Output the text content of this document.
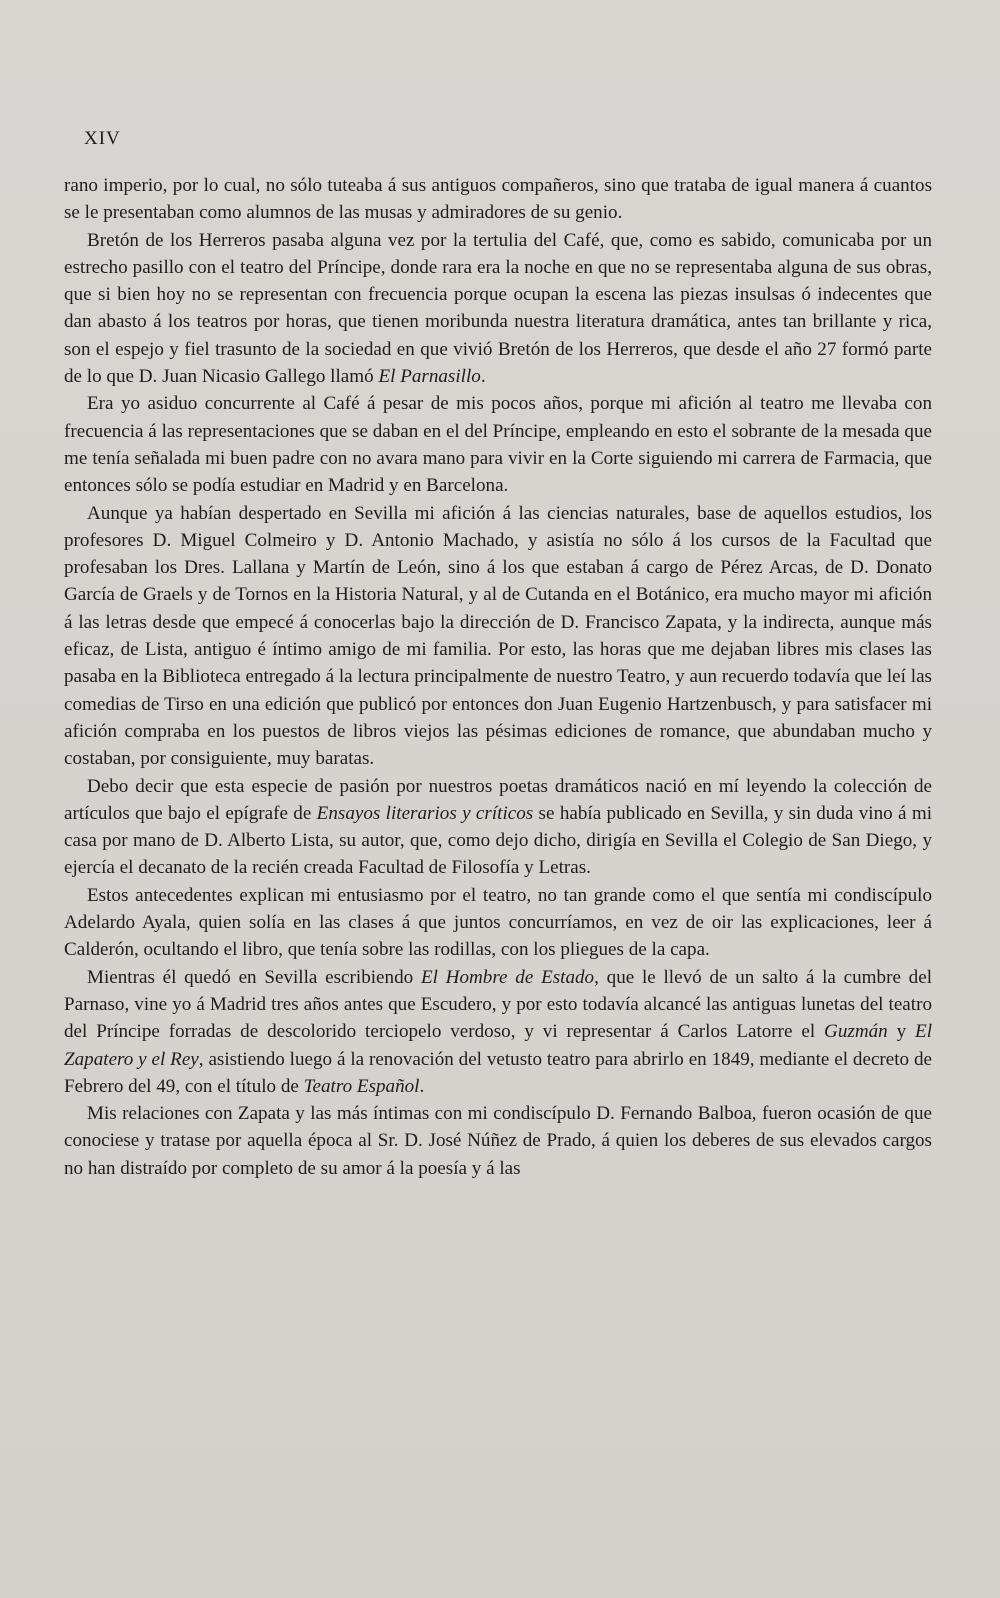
XIV

rano imperio, por lo cual, no sólo tuteaba á sus antiguos compañeros, sino que trataba de igual manera á cuantos se le presentaban como alumnos de las musas y admiradores de su genio.

Bretón de los Herreros pasaba alguna vez por la tertulia del Café, que, como es sabido, comunicaba por un estrecho pasillo con el teatro del Príncipe, donde rara era la noche en que no se representaba alguna de sus obras, que si bien hoy no se representan con frecuencia porque ocupan la escena las piezas insulsas ó indecentes que dan abasto á los teatros por horas, que tienen moribunda nuestra literatura dramática, antes tan brillante y rica, son el espejo y fiel trasunto de la sociedad en que vivió Bretón de los Herreros, que desde el año 27 formó parte de lo que D. Juan Nicasio Gallego llamó El Parnasillo.

Era yo asiduo concurrente al Café á pesar de mis pocos años, porque mi afición al teatro me llevaba con frecuencia á las representaciones que se daban en el del Príncipe, empleando en esto el sobrante de la mesada que me tenía señalada mi buen padre con no avara mano para vivir en la Corte siguiendo mi carrera de Farmacia, que entonces sólo se podía estudiar en Madrid y en Barcelona.

Aunque ya habían despertado en Sevilla mi afición á las ciencias naturales, base de aquellos estudios, los profesores D. Miguel Colmeiro y D. Antonio Machado, y asistía no sólo á los cursos de la Facultad que profesaban los Dres. Lallana y Martín de León, sino á los que estaban á cargo de Pérez Arcas, de D. Donato García de Graels y de Tornos en la Historia Natural, y al de Cutanda en el Botánico, era mucho mayor mi afición á las letras desde que empecé á conocerlas bajo la dirección de D. Francisco Zapata, y la indirecta, aunque más eficaz, de Lista, antiguo é íntimo amigo de mi familia. Por esto, las horas que me dejaban libres mis clases las pasaba en la Biblioteca entregado á la lectura principalmente de nuestro Teatro, y aun recuerdo todavía que leí las comedias de Tirso en una edición que publicó por entonces don Juan Eugenio Hartzenbusch, y para satisfacer mi afición compraba en los puestos de libros viejos las pésimas ediciones de romance, que abundaban mucho y costaban, por consiguiente, muy baratas.

Debo decir que esta especie de pasión por nuestros poetas dramáticos nació en mí leyendo la colección de artículos que bajo el epígrafe de Ensayos literarios y críticos se había publicado en Sevilla, y sin duda vino á mi casa por mano de D. Alberto Lista, su autor, que, como dejo dicho, dirigía en Sevilla el Colegio de San Diego, y ejercía el decanato de la recién creada Facultad de Filosofía y Letras.

Estos antecedentes explican mi entusiasmo por el teatro, no tan grande como el que sentía mi condiscípulo Adelardo Ayala, quien solía en las clases á que juntos concurríamos, en vez de oir las explicaciones, leer á Calderón, ocultando el libro, que tenía sobre las rodillas, con los pliegues de la capa.

Mientras él quedó en Sevilla escribiendo El Hombre de Estado, que le llevó de un salto á la cumbre del Parnaso, vine yo á Madrid tres años antes que Escudero, y por esto todavía alcancé las antiguas lunetas del teatro del Príncipe forradas de descolorido terciopelo verdoso, y vi representar á Carlos Latorre el Guzmán y El Zapatero y el Rey, asistiendo luego á la renovación del vetusto teatro para abrirlo en 1849, mediante el decreto de Febrero del 49, con el título de Teatro Español.

Mis relaciones con Zapata y las más íntimas con mi condiscípulo D. Fernando Balboa, fueron ocasión de que conociese y tratase por aquella época al Sr. D. José Núñez de Prado, á quien los deberes de sus elevados cargos no han distraído por completo de su amor á la poesía y á las
